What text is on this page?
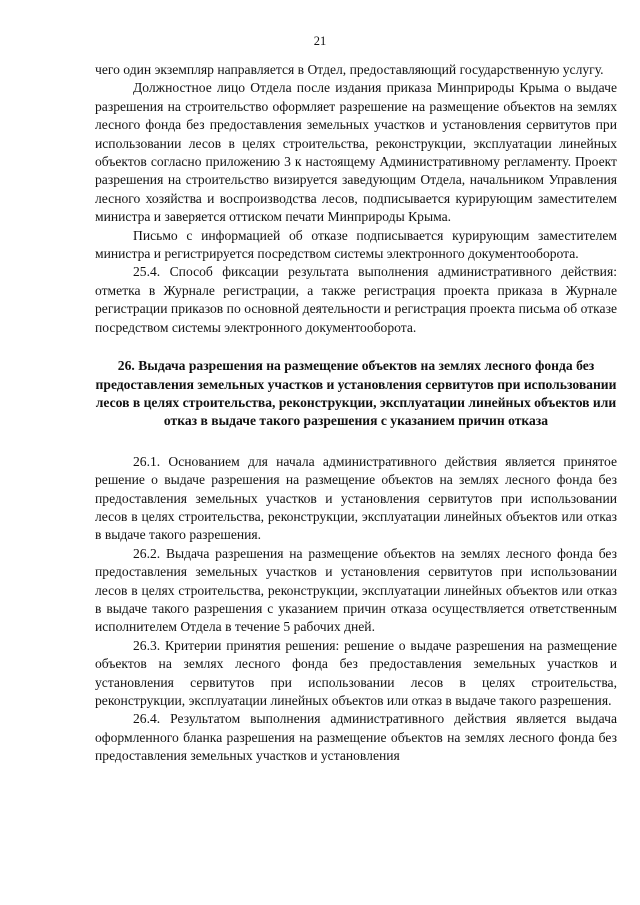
21

чего один экземпляр направляется в Отдел, предоставляющий государственную услугу.

Должностное лицо Отдела после издания приказа Минприроды Крыма о выдаче разрешения на строительство оформляет разрешение на размещение объектов на землях лесного фонда без предоставления земельных участков и установления сервитутов при использовании лесов в целях строительства, реконструкции, эксплуатации линейных объектов согласно приложению 3 к настоящему Административному регламенту. Проект разрешения на строительство визируется заведующим Отдела, начальником Управления лесного хозяйства и воспроизводства лесов, подписывается курирующим заместителем министра и заверяется оттиском печати Минприроды Крыма.

Письмо с информацией об отказе подписывается курирующим заместителем министра и регистрируется посредством системы электронного документооборота.

25.4. Способ фиксации результата выполнения административного действия: отметка в Журнале регистрации, а также регистрация проекта приказа в Журнале регистрации приказов по основной деятельности и регистрация проекта письма об отказе посредством системы электронного документооборота.

26. Выдача разрешения на размещение объектов на землях лесного фонда без предоставления земельных участков и установления сервитутов при использовании лесов в целях строительства, реконструкции, эксплуатации линейных объектов или отказ в выдаче такого разрешения с указанием причин отказа

26.1. Основанием для начала административного действия является принятое решение о выдаче разрешения на размещение объектов на землях лесного фонда без предоставления земельных участков и установления сервитутов при использовании лесов в целях строительства, реконструкции, эксплуатации линейных объектов или отказ в выдаче такого разрешения.

26.2. Выдача разрешения на размещение объектов на землях лесного фонда без предоставления земельных участков и установления сервитутов при использовании лесов в целях строительства, реконструкции, эксплуатации линейных объектов или отказ в выдаче такого разрешения с указанием причин отказа осуществляется ответственным исполнителем Отдела в течение 5 рабочих дней.

26.3. Критерии принятия решения: решение о выдаче разрешения на размещение объектов на землях лесного фонда без предоставления земельных участков и установления сервитутов при использовании лесов в целях строительства, реконструкции, эксплуатации линейных объектов или отказ в выдаче такого разрешения.

26.4. Результатом выполнения административного действия является выдача оформленного бланка разрешения на размещение объектов на землях лесного фонда без предоставления земельных участков и установления
